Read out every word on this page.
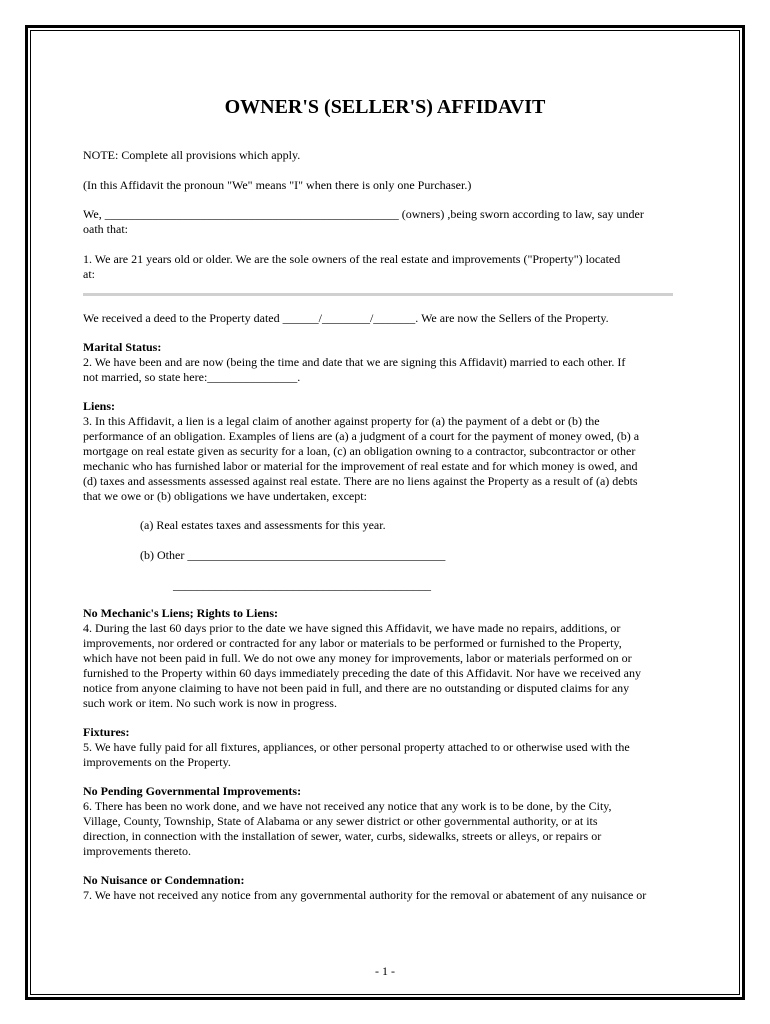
OWNER'S (SELLER'S) AFFIDAVIT

NOTE: Complete all provisions which apply.

(In this Affidavit the pronoun "We" means "I" when there is only one Purchaser.)

We, _________________________________________________ (owners) ,being sworn according to law, say under

oath that:

1. We are 21 years old or older. We are the sole owners of the real estate and improvements ("Property") located

at:

We received a deed to the Property dated ______/________/_______. We are now the Sellers of the Property.

Marital Status:

2. We have been and are now (being the time and date that we are signing this Affidavit) married to each other. If

not married, so state here:_______________.

Liens:

3. In this Affidavit, a lien is a legal claim of another against property for (a) the payment of a debt or (b) the

performance of an obligation. Examples of liens are (a) a judgment of a court for the payment of money owed, (b) a

mortgage on real estate given as security for a loan, (c) an obligation owning to a contractor, subcontractor or other

mechanic who has furnished labor or material for the improvement of real estate and for which money is owed, and

(d) taxes and assessments assessed against real estate. There are no liens against the Property as a result of (a) debts

that we owe or (b) obligations we have undertaken, except:

(a) Real estates taxes and assessments for this year.

(b) Other ___________________________________________

___________________________________________

No Mechanic's Liens; Rights to Liens:

4. During the last 60 days prior to the date we have signed this Affidavit, we have made no repairs, additions, or

improvements, nor ordered or contracted for any labor or materials to be performed or furnished to the Property,

which have not been paid in full. We do not owe any money for improvements, labor or materials performed on or

furnished to the Property within 60 days immediately preceding the date of this Affidavit. Nor have we received any

notice from anyone claiming to have not been paid in full, and there are no outstanding or disputed claims for any

such work or item. No such work is now in progress.

Fixtures:

5. We have fully paid for all fixtures, appliances, or other personal property attached to or otherwise used with the

improvements on the Property.

No Pending Governmental Improvements:

6. There has been no work done, and we have not received any notice that any work is to be done, by the City,

Village, County, Township, State of Alabama or any sewer district or other governmental authority, or at its

direction, in connection with the installation of sewer, water, curbs, sidewalks, streets or alleys, or repairs or

improvements thereto.

No Nuisance or Condemnation:

7. We have not received any notice from any governmental authority for the removal or abatement of any nuisance or

- 1 -
